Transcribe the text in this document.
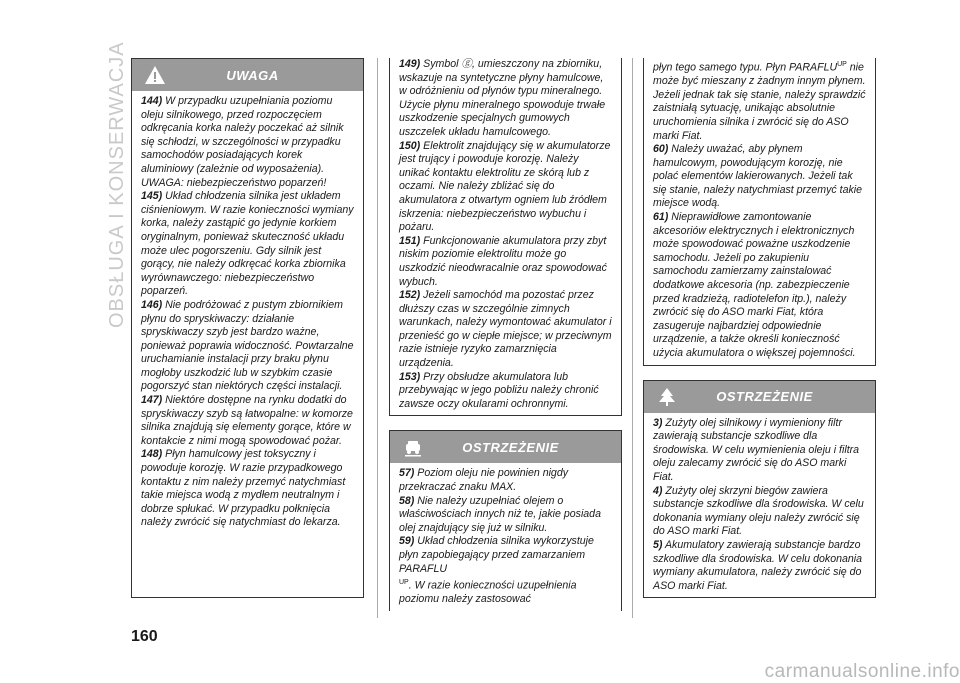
OBSŁUGA I KONSERWACJA	UWAGA

144) W przypadku uzupełniania poziomu oleju silnikowego, przed rozpoczęciem odkręcania korka należy poczekać aż silnik się schłodzi, w szczególności w przypadku samochodów posiadających korek aluminiowy (zależnie od wyposażenia). UWAGA: niebezpieczeństwo poparzeń!

145) Układ chłodzenia silnika jest układem ciśnieniowym. W razie konieczności wymiany korka, należy zastąpić go jedynie korkiem oryginalnym, ponieważ skuteczność układu może ulec pogorszeniu. Gdy silnik jest gorący, nie należy odkręcać korka zbiornika wyrównawczego: niebezpieczeństwo poparzeń.

146) Nie podróżować z pustym zbiornikiem płynu do spryskiwaczy: działanie spryskiwaczy szyb jest bardzo ważne, ponieważ poprawia widoczność. Powtarzalne uruchamianie instalacji przy braku płynu mogłoby uszkodzić lub w szybkim czasie pogorszyć stan niektórych części instalacji.

147) Niektóre dostępne na rynku dodatki do spryskiwaczy szyb są łatwopalne: w komorze silnika znajdują się elementy gorące, które w kontakcie z nimi mogą spowodować pożar.

148) Płyn hamulcowy jest toksyczny i powoduje korozję. W razie przypadkowego kontaktu z nim należy przemyć natychmiast takie miejsca wodą z mydłem neutralnym i dobrze spłukać. W przypadku połknięcia należy zwrócić się natychmiast do lekarza.

149) Symbol ⓖ, umieszczony na zbiorniku, wskazuje na syntetyczne płyny hamulcowe, w odróżnieniu od płynów typu mineralnego. Użycie płynu mineralnego spowoduje trwałe uszkodzenie specjalnych gumowych uszczelek układu hamulcowego.

150) Elektrolit znajdujący się w akumulatorze jest trujący i powoduje korozję. Należy unikać kontaktu elektrolitu ze skórą lub z oczami. Nie należy zbliżać się do akumulatora z otwartym ogniem lub źródłem iskrzenia: niebezpieczeństwo wybuchu i pożaru.

151) Funkcjonowanie akumulatora przy zbyt niskim poziomie elektrolitu może go uszkodzić nieodwracalnie oraz spowodować wybuch.

152) Jeżeli samochód ma pozostać przez dłuższy czas w szczególnie zimnych warunkach, należy wymontować akumulator i przenieść go w ciepłe miejsce; w przeciwnym razie istnieje ryzyko zamarznięcia urządzenia.

153) Przy obsłudze akumulatora lub przebywając w jego pobliżu należy chronić zawsze oczy okularami ochronnymi.

OSTRZEŻENIE

57) Poziom oleju nie powinien nigdy przekraczać znaku MAX.

58) Nie należy uzupełniać olejem o właściwościach innych niż te, jakie posiada olej znajdujący się już w silniku.

59) Układ chłodzenia silnika wykorzystuje płyn zapobiegający przed zamarzaniem PARAFLU

$^{UP}$. W razie konieczności uzupełnienia poziomu należy zastosować

płyn tego samego typu. Płyn $PARAFLU^{UP}$ nie może być mieszany z żadnym innym płynem. Jeżeli jednak tak się stanie, należy sprawdzić zaistniałą sytuację, unikając absolutnie uruchomienia silnika i zwrócić się do ASO marki Fiat.

60) Należy uważać, aby płynem hamulcowym, powodującym korozję, nie polać elementów lakierowanych. Jeżeli tak się stanie, należy natychmiast przemyć takie miejsce wodą.

61) Nieprawidłowe zamontowanie akcesoriów elektrycznych i elektronicznych może spowodować poważne uszkodzenie samochodu. Jeżeli po zakupieniu samochodu zamierzamy zainstalować dodatkowe akcesoria (np. zabezpieczenie przed kradzieżą, radiotelefon itp.), należy zwrócić się do ASO marki Fiat, która zasugeruje najbardziej odpowiednie urządzenie, a także określi konieczność użycia akumulatora o większej pojemności.

OSTRZEŻENIE

3) Zużyty olej silnikowy i wymieniony filtr zawierają substancje szkodliwe dla środowiska. W celu wymienienia oleju i filtra oleju zalecamy zwrócić się do ASO marki Fiat.

4) Zużyty olej skrzyni biegów zawiera substancje szkodliwe dla środowiska. W celu dokonania wymiany oleju należy zwrócić się do ASO marki Fiat.

5) Akumulatory zawierają substancje bardzo szkodliwe dla środowiska. W celu dokonania wymiany akumulatora, należy zwrócić się do ASO marki Fiat.

160
carmanualsonline.info
